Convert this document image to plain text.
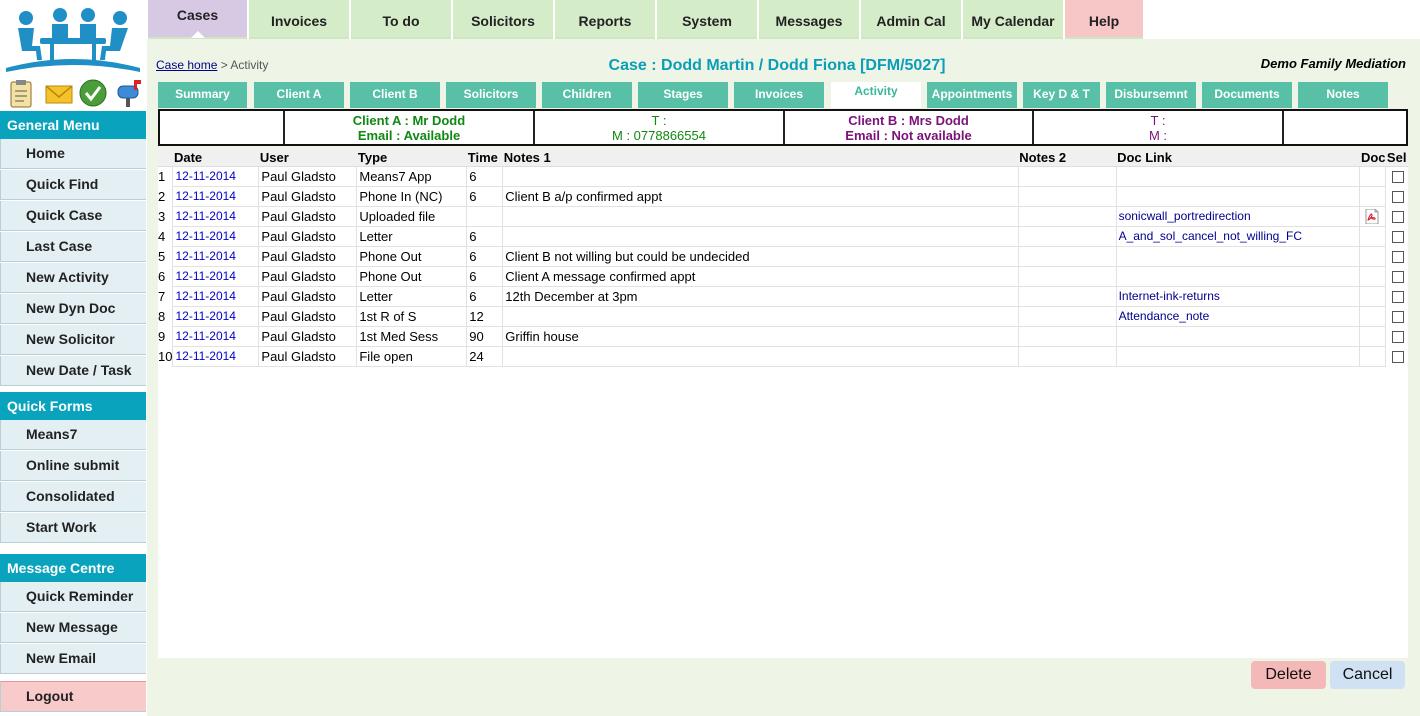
General Menu
Home
Quick Find
Quick Case
Last Case
New Activity
New Dyn Doc
New Solicitor
New Date / Task
Quick Forms
Means7
Online submit
Consolidated
Start Work
Message Centre
Quick Reminder
New Message
New Email
Logout
Cases	Invoices	To do	Solicitors	Reports	System	Messages	Admin Cal	My Calendar	Help
Case home > Activity	Case : Dodd Martin / Dodd Fiona [DFM/5027]	Demo Family Mediation
Summary	Client A	Client B	Solicitors	Children	Stages	Invoices	Activity	Appointments	Key D & T	Disbursemnt	Documents	Notes
Client A : Mr Dodd
Email : Available
T :
M : 0778866554
Client B : Mrs Dodd
Email : Not available
T :
M :
	Date	User	Type	Time	Notes 1	Notes 2	Doc Link	Doc	Sel
1	12-11-2014	Paul Gladsto	Means7 App	6					
2	12-11-2014	Paul Gladsto	Phone In (NC)	6	Client B a/p confirmed appt				
3	12-11-2014	Paul Gladsto	Uploaded file				sonicwall_portredirection		
4	12-11-2014	Paul Gladsto	Letter	6			A_and_sol_cancel_not_willing_FC		
5	12-11-2014	Paul Gladsto	Phone Out	6	Client B not willing but could be undecided				
6	12-11-2014	Paul Gladsto	Phone Out	6	Client A message confirmed appt				
7	12-11-2014	Paul Gladsto	Letter	6	12th December at 3pm		Internet-ink-returns		
8	12-11-2014	Paul Gladsto	1st R of S	12			Attendance_note		
9	12-11-2014	Paul Gladsto	1st Med Sess	90	Griffin house				
10	12-11-2014	Paul Gladsto	File open	24					
Delete	Cancel
